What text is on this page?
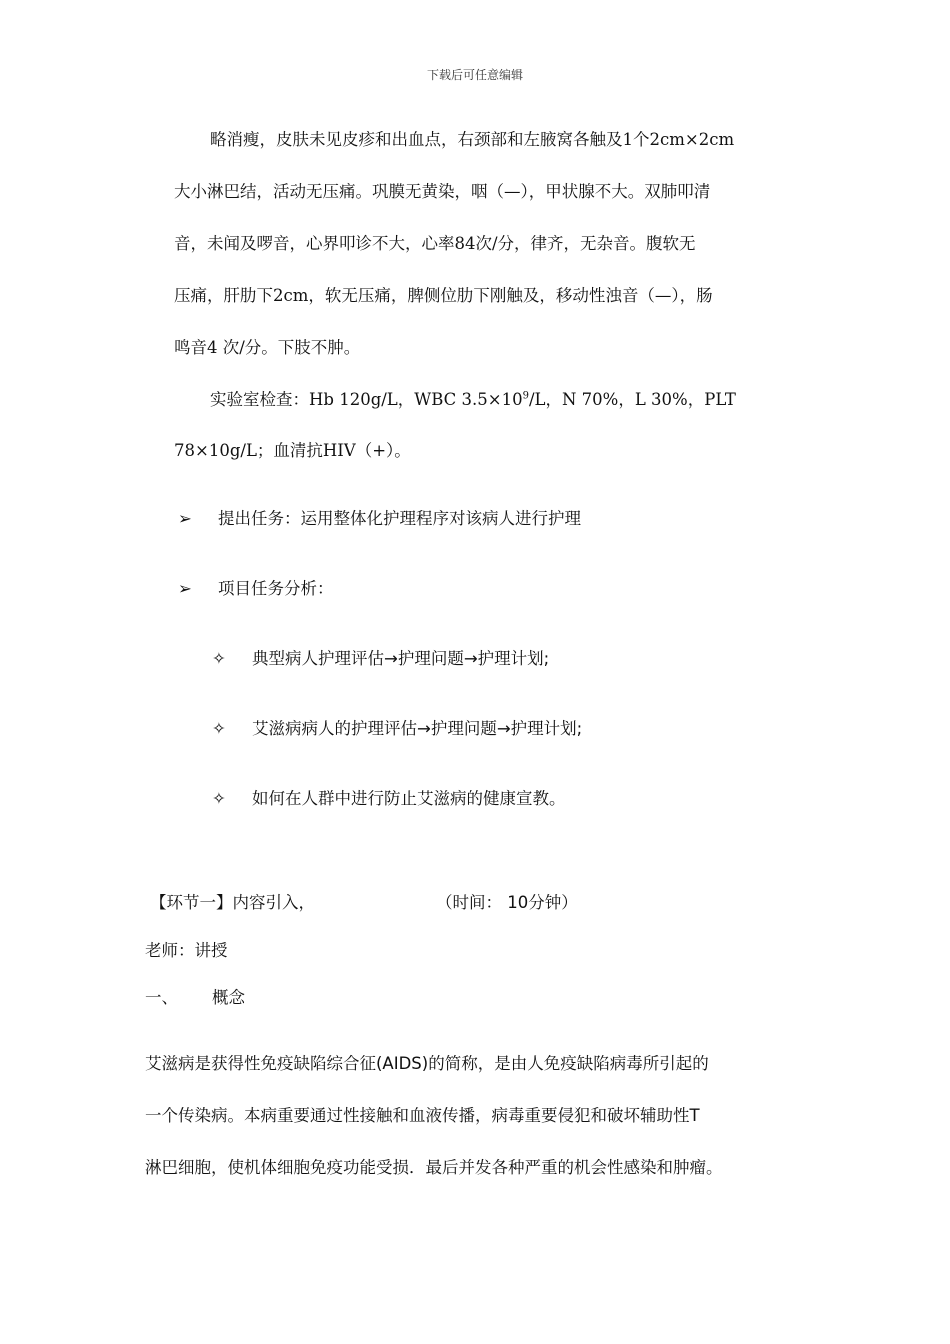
下载后可任意编辑

略消瘦，皮肤未见皮疹和出血点，右颈部和左腋窝各触及1个2cm×2cm

大小淋巴结，活动无压痛。巩膜无黄染，咽（—），甲状腺不大。双肺叩清

音，未闻及啰音，心界叩诊不大，心率84次/分，律齐，无杂音。腹软无

压痛，肝肋下2cm，软无压痛，脾侧位肋下刚触及，移动性浊音（—），肠

鸣音4 次/分。下肢不肿。

实验室检查：Hb 120g/L，WBC $3.5\times 10^9/L$，N 70%，L 30%，PLT

78×10g/L；血清抗HIV（+）。

➢ 提出任务：运用整体化护理程序对该病人进行护理

➢ 项目任务分析：

✧ 典型病人护理评估→护理问题→护理计划;

✧ 艾滋病病人的护理评估→护理问题→护理计划;

✧ 如何在人群中进行防止艾滋病的健康宣教。

【环节一】内容引入，	（时间： 10分钟）

老师：讲授

一、 概念

艾滋病是获得性免疫缺陷综合征(AIDS)的简称，是由人免疫缺陷病毒所引起的

一个传染病。本病重要通过性接触和血液传播，病毒重要侵犯和破坏辅助性T

淋巴细胞，使机体细胞免疫功能受损．最后并发各种严重的机会性感染和肿瘤。
